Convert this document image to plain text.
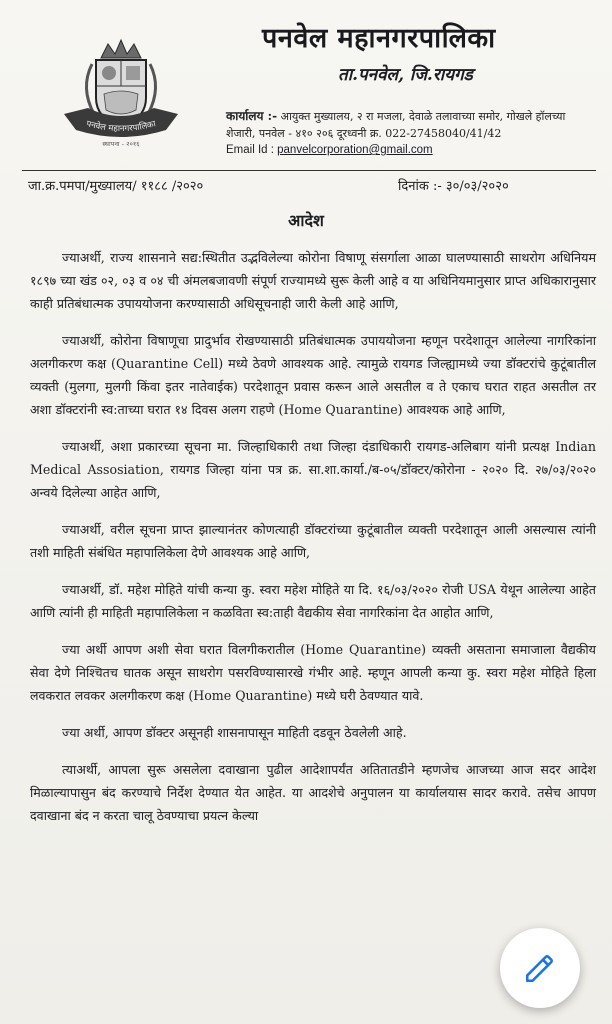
पनवेल महानगरपालिका
स्थापना - २०१६
पनवेल महानगरपालिका
ता.पनवेल, जि.रायगड
कार्यालय :- आयुक्त मुख्यालय, २ रा मजला, देवाळे तलावाच्या समोर, गोखले हॉलच्या शेजारी, पनवेल - ४१० २०६ दूरध्वनी क्र. 022-27458040/41/42
Email Id : panvelcorporation@gmail.com
जा.क्र.पमपा/मुख्यालय/ ११८८ /२०२०	दिनांक :- ३०/०३/२०२०
आदेश

ज्याअर्थी, राज्य शासनाने सद्य:स्थितीत उद्भविलेल्या कोरोना विषाणू संसर्गाला आळा घालण्यासाठी साथरोग अधिनियम १८९७ च्या खंड ०२, ०३ व ०४ ची अंमलबजावणी संपूर्ण राज्यामध्ये सुरू केली आहे व या अधिनियमानुसार प्राप्त अधिकारानुसार काही प्रतिबंधात्मक उपाययोजना करण्यासाठी अधिसूचनाही जारी केली आहे आणि,

ज्याअर्थी, कोरोना विषाणूचा प्रादुर्भाव रोखण्यासाठी प्रतिबंधात्मक उपाययोजना म्हणून परदेशातून आलेल्या नागरिकांना अलगीकरण कक्ष (Quarantine Cell) मध्ये ठेवणे आवश्यक आहे. त्यामुळे रायगड जिल्ह्यामध्ये ज्या डॉक्टरांचे कुटूंबातील व्यक्ती (मुलगा, मुलगी किंवा इतर नातेवाईक) परदेशातून प्रवास करून आले असतील व ते एकाच घरात राहत असतील तर अशा डॉक्टरांनी स्व:ताच्या घरात १४ दिवस अलग राहणे (Home Quarantine) आवश्यक आहे आणि,

ज्याअर्थी, अशा प्रकारच्या सूचना मा. जिल्हाधिकारी तथा जिल्हा दंडाधिकारी रायगड-अलिबाग यांनी प्रत्यक्ष Indian Medical Assosiation, रायगड जिल्हा यांना पत्र क्र. सा.शा.कार्या./ब-०५/डॉक्टर/कोरोना - २०२० दि. २७/०३/२०२० अन्वये दिलेल्या आहेत आणि,

ज्याअर्थी, वरील सूचना प्राप्त झाल्यानंतर कोणत्याही डॉक्टरांच्या कुटूंबातील व्यक्ती परदेशातून आली असल्यास त्यांनी तशी माहिती संबंधित महापालिकेला देणे आवश्यक आहे आणि,

ज्याअर्थी, डॉ. महेश मोहिते यांची कन्या कु. स्वरा महेश मोहिते या दि. १६/०३/२०२० रोजी USA येथून आलेल्या आहेत आणि त्यांनी ही माहिती महापालिकेला न कळविता स्व:ताही वैद्यकीय सेवा नागरिकांना देत आहोत आणि,

ज्या अर्थी आपण अशी सेवा घरात विलगीकरातील (Home Quarantine) व्यक्ती असताना समाजाला वैद्यकीय सेवा देणे निश्चितच घातक असून साथरोग पसरविण्यासारखे गंभीर आहे. म्हणून आपली कन्या कु. स्वरा महेश मोहिते हिला लवकरात लवकर अलगीकरण कक्ष (Home Quarantine) मध्ये घरी ठेवण्यात यावे.

ज्या अर्थी, आपण डॉक्टर असूनही शासनापासून माहिती दडवून ठेवलेली आहे.

त्याअर्थी, आपला सुरू असलेला दवाखाना पुढील आदेशापर्यंत अतितातडीने म्हणजेच आजच्या आज सदर आदेश मिळाल्यापासुन बंद करण्याचे निर्देश देण्यात येत आहेत. या आदशेचे अनुपालन या कार्यालयास सादर करावे. तसेच आपण दवाखाना बंद न करता चालू ठेवण्याचा प्रयत्न केल्या
